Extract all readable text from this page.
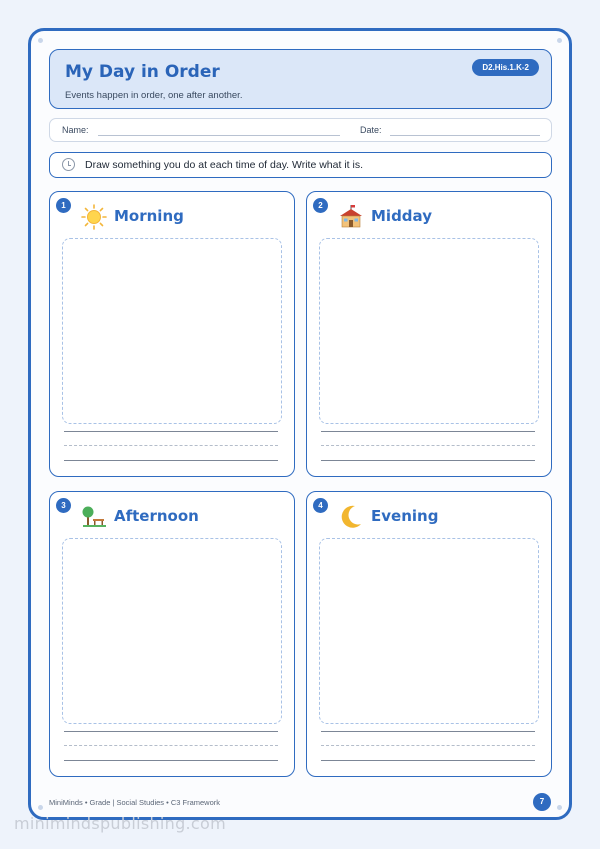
My Day in Order
Events happen in order, one after another.
D2.His.1.K-2
Name:	Date:
Draw something you do at each time of day. Write what it is.
1
Morning
2
Midday
3
Afternoon
4
Evening
MiniMinds • Grade | Social Studies • C3 Framework	7
minimindspublishing.com
